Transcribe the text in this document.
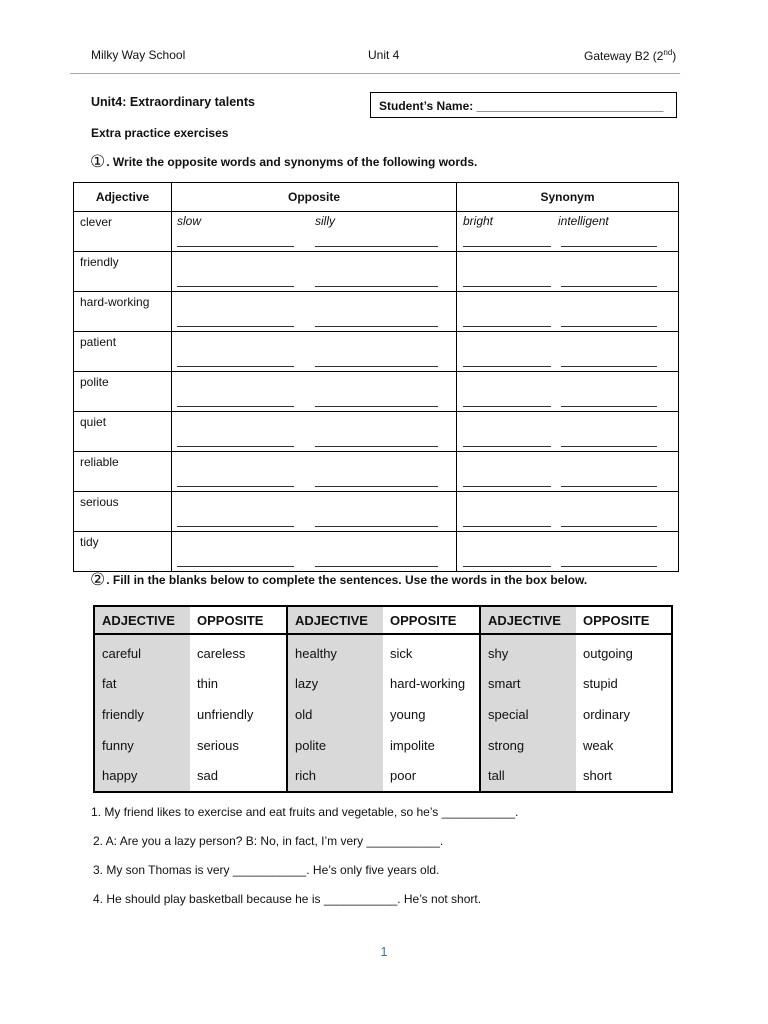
Milky Way School	Unit 4	Gateway B2 (2nd)
Unit4: Extraordinary talents	Student’s Name: ____________________________
Extra practice exercises
①. Write the opposite words and synonyms of the following words.
Adjective	Opposite	Synonym
clever	slow silly	bright intelligent

friendly	

hard-working	

patient	

polite	

quiet	

reliable	

serious	

tidy	

②. Fill in the blanks below to complete the sentences. Use the words in the box below.
ADJECTIVE	OPPOSITE	ADJECTIVE	OPPOSITE	ADJECTIVE	OPPOSITE
careful	careless	healthy	sick	shy	outgoing
fat	thin	lazy	hard-working	smart	stupid
friendly	unfriendly	old	young	special	ordinary
funny	serious	polite	impolite	strong	weak
happy	sad	rich	poor	tall	short
1. My friend likes to exercise and eat fruits and vegetable, so he’s ___________.
2. A: Are you a lazy person? B: No, in fact, I’m very ___________.
3. My son Thomas is very ___________. He’s only five years old.
4. He should play basketball because he is ___________. He’s not short.
1
